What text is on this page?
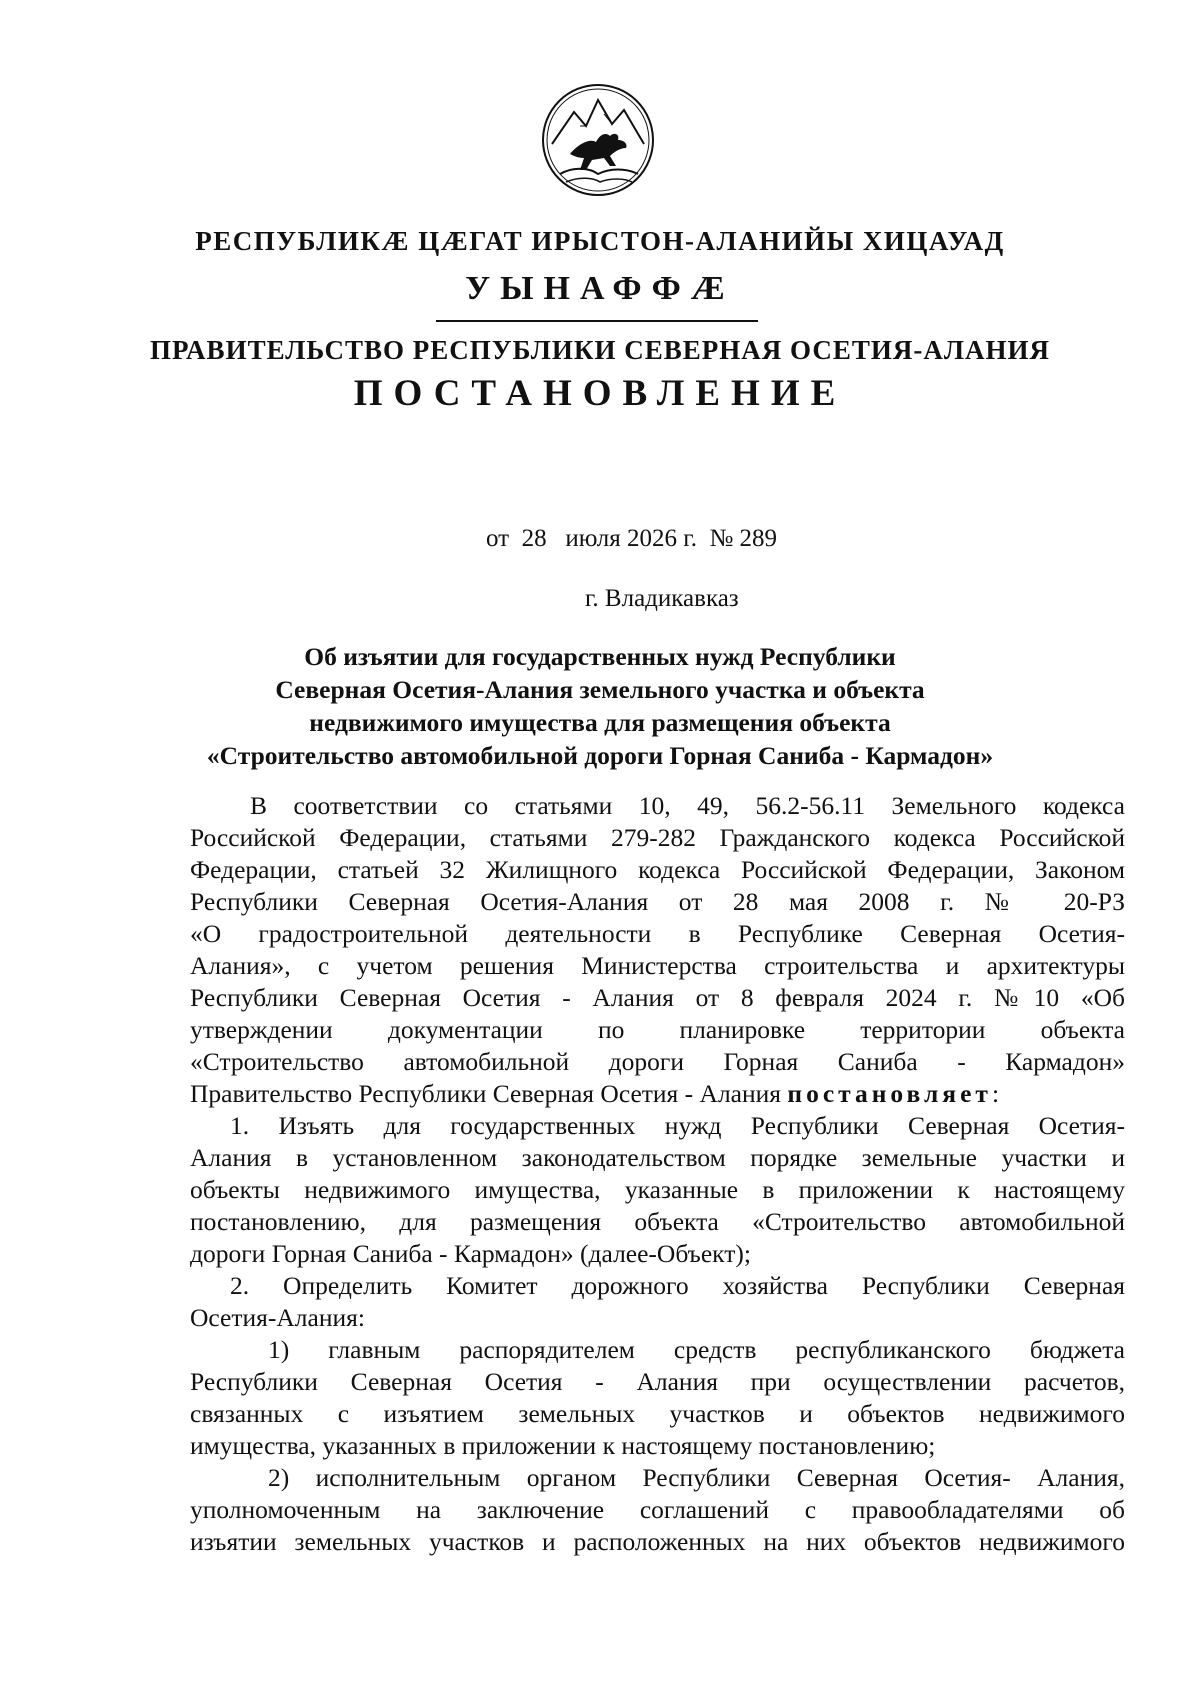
РЕСПУБЛИКÆ ЦÆГАТ ИРЫСТОН-АЛАНИЙЫ ХИЦАУАД
УЫНАФФÆ
ПРАВИТЕЛЬСТВО РЕСПУБЛИКИ СЕВЕРНАЯ ОСЕТИЯ-АЛАНИЯ
ПОСТАНОВЛЕНИЕ
от  28   июля 2026 г.  № 289
г. Владикавказ
Об изъятии для государственных нужд Республики
Северная Осетия-Алания земельного участка и объекта
недвижимого имущества для размещения объекта
«Строительство автомобильной дороги Горная Саниба - Кармадон»

В соответствии со статьями 10, 49, 56.2-56.11 Земельного кодекса
Российской Федерации, статьями 279-282 Гражданского кодекса Российской
Федерации, статьей 32 Жилищного кодекса Российской Федерации, Законом
Республики Северная Осетия-Алания от 28 мая 2008 г. № 20-РЗ
«О градостроительной деятельности в Республике Северная Осетия-
Алания», с учетом решения Министерства строительства и архитектуры
Республики Северная Осетия - Алания от 8 февраля 2024 г. №10 «Об
утверждении документации по планировке территории объекта
«Строительство автомобильной дороги Горная Саниба - Кармадон»
Правительство Республики Северная Осетия - Алания постановляет:

1. Изъять для государственных нужд Республики Северная Осетия-
Алания в установленном законодательством порядке земельные участки и
объекты недвижимого имущества, указанные в приложении к настоящему
постановлению, для размещения объекта «Строительство автомобильной
дороги Горная Саниба - Кармадон» (далее-Объект);

2. Определить Комитет дорожного хозяйства Республики Северная
Осетия-Алания:

1) главным распорядителем средств республиканского бюджета
Республики Северная Осетия - Алания при осуществлении расчетов,
связанных с изъятием земельных участков и объектов недвижимого
имущества, указанных в приложении к настоящему постановлению;

2) исполнительным органом Республики Северная Осетия- Алания,
уполномоченным на заключение соглашений с правообладателями об
изъятии земельных участков и расположенных на них объектов недвижимого
